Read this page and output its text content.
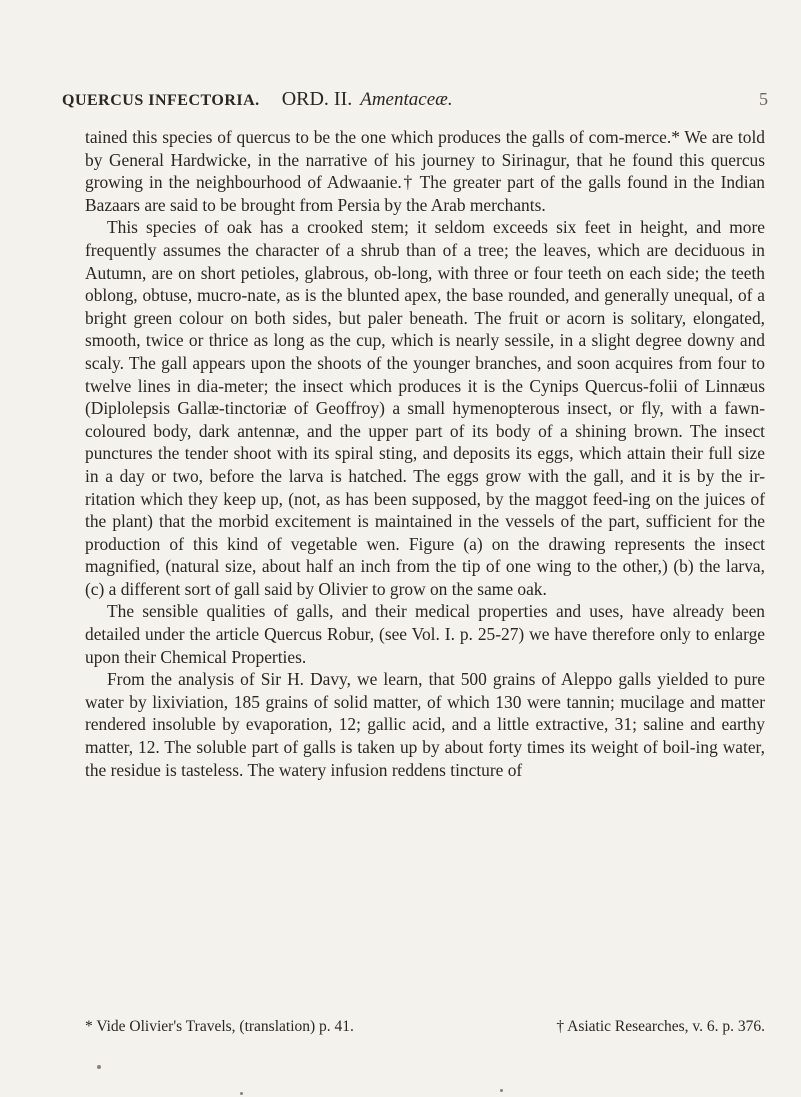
QUERCUS INFECTORIA. ORD. II. Amentaceæ.	5

tained this species of quercus to be the one which produces the galls of com-merce.* We are told by General Hardwicke, in the narrative of his journey to Sirinagur, that he found this quercus growing in the neighbourhood of Adwaanie.† The greater part of the galls found in the Indian Bazaars are said to be brought from Persia by the Arab merchants.

This species of oak has a crooked stem; it seldom exceeds six feet in height, and more frequently assumes the character of a shrub than of a tree; the leaves, which are deciduous in Autumn, are on short petioles, glabrous, ob-long, with three or four teeth on each side; the teeth oblong, obtuse, mucro-nate, as is the blunted apex, the base rounded, and generally unequal, of a bright green colour on both sides, but paler beneath. The fruit or acorn is solitary, elongated, smooth, twice or thrice as long as the cup, which is nearly sessile, in a slight degree downy and scaly. The gall appears upon the shoots of the younger branches, and soon acquires from four to twelve lines in dia-meter; the insect which produces it is the Cynips Quercus-folii of Linnæus (Diplolepsis Gallæ-tinctoriæ of Geoffroy) a small hymenopterous insect, or fly, with a fawn-coloured body, dark antennæ, and the upper part of its body of a shining brown. The insect punctures the tender shoot with its spiral sting, and deposits its eggs, which attain their full size in a day or two, before the larva is hatched. The eggs grow with the gall, and it is by the ir-ritation which they keep up, (not, as has been supposed, by the maggot feed-ing on the juices of the plant) that the morbid excitement is maintained in the vessels of the part, sufficient for the production of this kind of vegetable wen. Figure (a) on the drawing represents the insect magnified, (natural size, about half an inch from the tip of one wing to the other,) (b) the larva, (c) a different sort of gall said by Olivier to grow on the same oak.

The sensible qualities of galls, and their medical properties and uses, have already been detailed under the article Quercus Robur, (see Vol. I. p. 25-27) we have therefore only to enlarge upon their Chemical Properties.

From the analysis of Sir H. Davy, we learn, that 500 grains of Aleppo galls yielded to pure water by lixiviation, 185 grains of solid matter, of which 130 were tannin; mucilage and matter rendered insoluble by evaporation, 12; gallic acid, and a little extractive, 31; saline and earthy matter, 12. The soluble part of galls is taken up by about forty times its weight of boil-ing water, the residue is tasteless. The watery infusion reddens tincture of

* Vide Olivier's Travels, (translation) p. 41.	† Asiatic Researches, v. 6. p. 376.
